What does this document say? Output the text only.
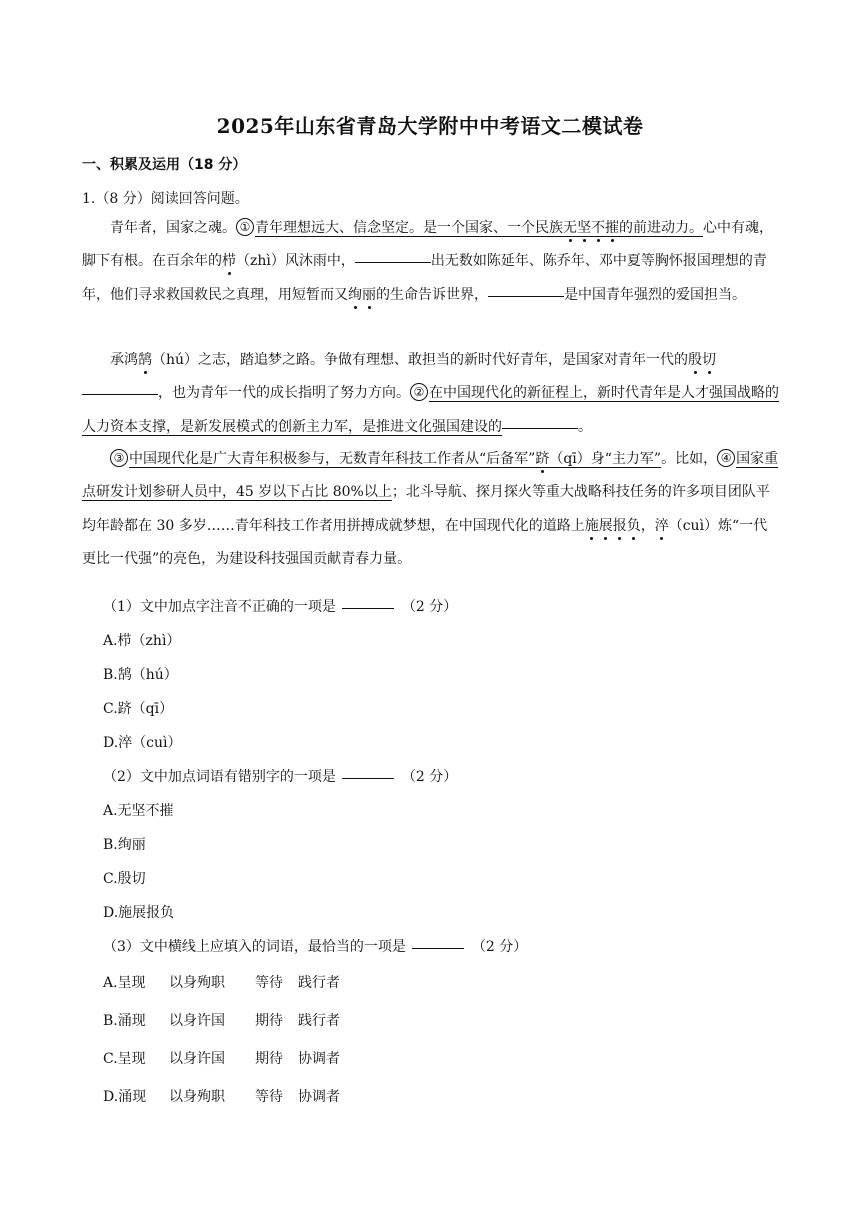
2025年山东省青岛大学附中中考语文二模试卷
一、积累及运用（18 分）
1.（8 分）阅读回答问题。
青年者，国家之魂。 ① 青年理想远大、信念坚定。是一个国家、一个民族无坚不摧的前进动力。心中有魂，脚下有根。在百余年的栉（zhì）风沐雨中，	出无数如陈延年、陈乔年、邓中夏等胸怀报国理想的青年，他们寻求救国救民之真理，用短暂而又绚丽的生命告诉世界，	是中国青年强烈的爱国担当。
承鸿鹄（hú）之志，踏追梦之路。争做有理想、敢担当的新时代好青年，是国家对青年一代的殷切，也为青年一代的成长指明了努力方向。 ② 在中国现代化的新征程上，新时代青年是人才强国战略的人力资本支撑，是新发展模式的创新主力军，是推进文化强国建设的	。
③ 中国现代化是广大青年积极参与，无数青年科技工作者从“后备军”跻（qī）身“主力军”。比如， ④ 国家重点研发计划参研人员中，45 岁以下占比 80%以上；北斗导航、探月探火等重大战略科技任务的许多项目团队平均年龄都在 30 多岁……青年科技工作者用拼搏成就梦想，在中国现代化的道路上施展报负，淬（cuì）炼“一代更比一代强”的亮色，为建设科技强国贡献青春力量。
（1）文中加点字注音不正确的一项是	（2 分）
A.栉（zhì）
B.鹄（hú）
C.跻（qī）
D.淬（cuì）
（2）文中加点词语有错别字的一项是	（2 分）
A.无坚不摧
B.绚丽
C.殷切
D.施展报负
（3）文中横线上应填入的词语，最恰当的一项是	（2 分）
A.呈现 以身殉职 等待 践行者
B.涌现 以身许国 期待 践行者
C.呈现 以身许国 期待 协调者
D.涌现 以身殉职 等待 协调者
